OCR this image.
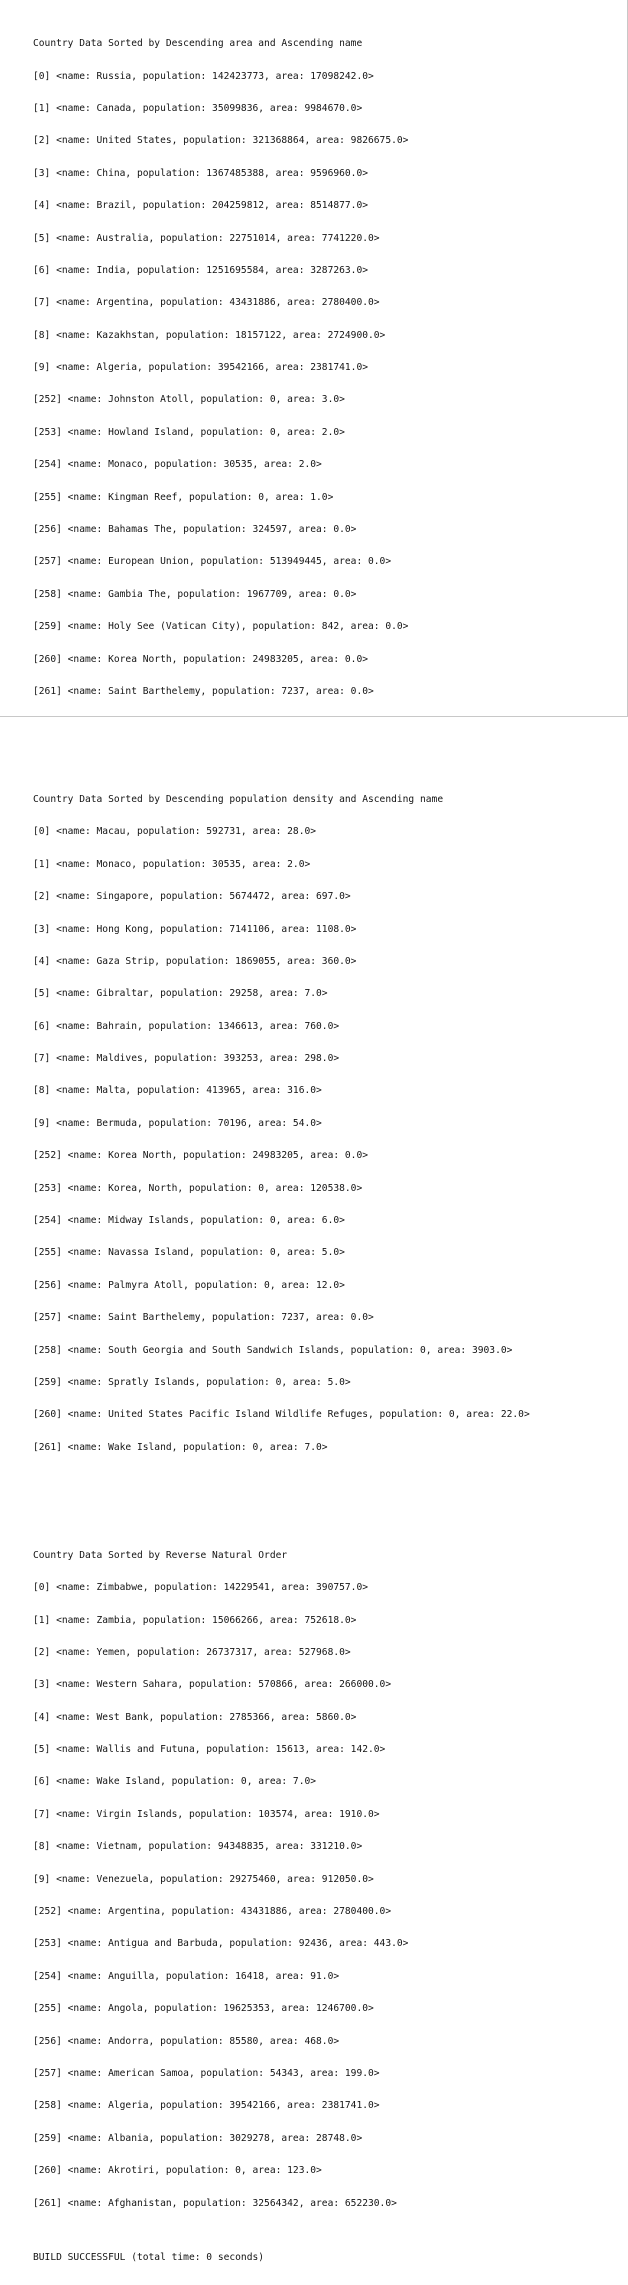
Country Data Sorted by Descending area and Ascending name

[0] <name: Russia, population: 142423773, area: 17098242.0>

[1] <name: Canada, population: 35099836, area: 9984670.0>

[2] <name: United States, population: 321368864, area: 9826675.0>

[3] <name: China, population: 1367485388, area: 9596960.0>

[4] <name: Brazil, population: 204259812, area: 8514877.0>

[5] <name: Australia, population: 22751014, area: 7741220.0>

[6] <name: India, population: 1251695584, area: 3287263.0>

[7] <name: Argentina, population: 43431886, area: 2780400.0>

[8] <name: Kazakhstan, population: 18157122, area: 2724900.0>

[9] <name: Algeria, population: 39542166, area: 2381741.0>

[252] <name: Johnston Atoll, population: 0, area: 3.0>

[253] <name: Howland Island, population: 0, area: 2.0>

[254] <name: Monaco, population: 30535, area: 2.0>

[255] <name: Kingman Reef, population: 0, area: 1.0>

[256] <name: Bahamas The, population: 324597, area: 0.0>

[257] <name: European Union, population: 513949445, area: 0.0>

[258] <name: Gambia The, population: 1967709, area: 0.0>

[259] <name: Holy See (Vatican City), population: 842, area: 0.0>

[260] <name: Korea North, population: 24983205, area: 0.0>

[261] <name: Saint Barthelemy, population: 7237, area: 0.0>

Country Data Sorted by Descending population density and Ascending name

[0] <name: Macau, population: 592731, area: 28.0>

[1] <name: Monaco, population: 30535, area: 2.0>

[2] <name: Singapore, population: 5674472, area: 697.0>

[3] <name: Hong Kong, population: 7141106, area: 1108.0>

[4] <name: Gaza Strip, population: 1869055, area: 360.0>

[5] <name: Gibraltar, population: 29258, area: 7.0>

[6] <name: Bahrain, population: 1346613, area: 760.0>

[7] <name: Maldives, population: 393253, area: 298.0>

[8] <name: Malta, population: 413965, area: 316.0>

[9] <name: Bermuda, population: 70196, area: 54.0>

[252] <name: Korea North, population: 24983205, area: 0.0>

[253] <name: Korea, North, population: 0, area: 120538.0>

[254] <name: Midway Islands, population: 0, area: 6.0>

[255] <name: Navassa Island, population: 0, area: 5.0>

[256] <name: Palmyra Atoll, population: 0, area: 12.0>

[257] <name: Saint Barthelemy, population: 7237, area: 0.0>

[258] <name: South Georgia and South Sandwich Islands, population: 0, area: 3903.0>

[259] <name: Spratly Islands, population: 0, area: 5.0>

[260] <name: United States Pacific Island Wildlife Refuges, population: 0, area: 22.0>

[261] <name: Wake Island, population: 0, area: 7.0>

Country Data Sorted by Reverse Natural Order

[0] <name: Zimbabwe, population: 14229541, area: 390757.0>

[1] <name: Zambia, population: 15066266, area: 752618.0>

[2] <name: Yemen, population: 26737317, area: 527968.0>

[3] <name: Western Sahara, population: 570866, area: 266000.0>

[4] <name: West Bank, population: 2785366, area: 5860.0>

[5] <name: Wallis and Futuna, population: 15613, area: 142.0>

[6] <name: Wake Island, population: 0, area: 7.0>

[7] <name: Virgin Islands, population: 103574, area: 1910.0>

[8] <name: Vietnam, population: 94348835, area: 331210.0>

[9] <name: Venezuela, population: 29275460, area: 912050.0>

[252] <name: Argentina, population: 43431886, area: 2780400.0>

[253] <name: Antigua and Barbuda, population: 92436, area: 443.0>

[254] <name: Anguilla, population: 16418, area: 91.0>

[255] <name: Angola, population: 19625353, area: 1246700.0>

[256] <name: Andorra, population: 85580, area: 468.0>

[257] <name: American Samoa, population: 54343, area: 199.0>

[258] <name: Algeria, population: 39542166, area: 2381741.0>

[259] <name: Albania, population: 3029278, area: 28748.0>

[260] <name: Akrotiri, population: 0, area: 123.0>

[261] <name: Afghanistan, population: 32564342, area: 652230.0>

BUILD SUCCESSFUL (total time: 0 seconds)
